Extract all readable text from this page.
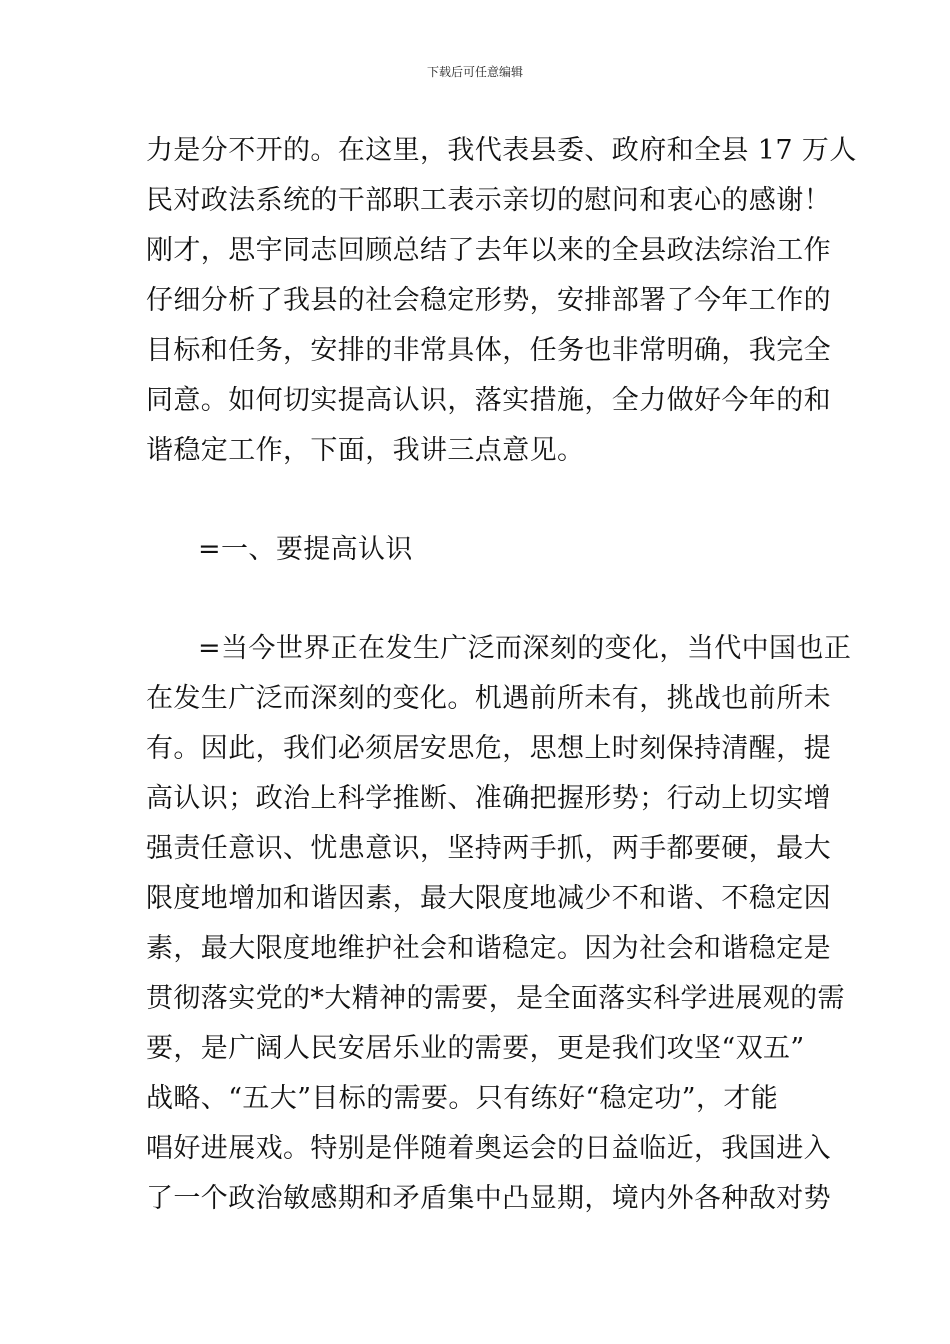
下载后可任意编辑
力是分不开的。在这里，我代表县委、政府和全县 17 万人
民对政法系统的干部职工表示亲切的慰问和衷心的感谢！
刚才，思宇同志回顾总结了去年以来的全县政法综治工作
仔细分析了我县的社会稳定形势，安排部署了今年工作的
目标和任务，安排的非常具体，任务也非常明确，我完全
同意。如何切实提高认识，落实措施，全力做好今年的和
谐稳定工作，下面，我讲三点意见。
=一、要提高认识
=当今世界正在发生广泛而深刻的变化，当代中国也正
在发生广泛而深刻的变化。机遇前所未有，挑战也前所未
有。因此，我们必须居安思危，思想上时刻保持清醒，提
高认识；政治上科学推断、准确把握形势；行动上切实增
强责任意识、忧患意识，坚持两手抓，两手都要硬，最大
限度地增加和谐因素，最大限度地减少不和谐、不稳定因
素，最大限度地维护社会和谐稳定。因为社会和谐稳定是
贯彻落实党的*大精神的需要，是全面落实科学进展观的需
要，是广阔人民安居乐业的需要，更是我们攻坚“双五”
战略、“五大”目标的需要。只有练好“稳定功”，才能
唱好进展戏。特别是伴随着奥运会的日益临近，我国进入
了一个政治敏感期和矛盾集中凸显期，境内外各种敌对势
